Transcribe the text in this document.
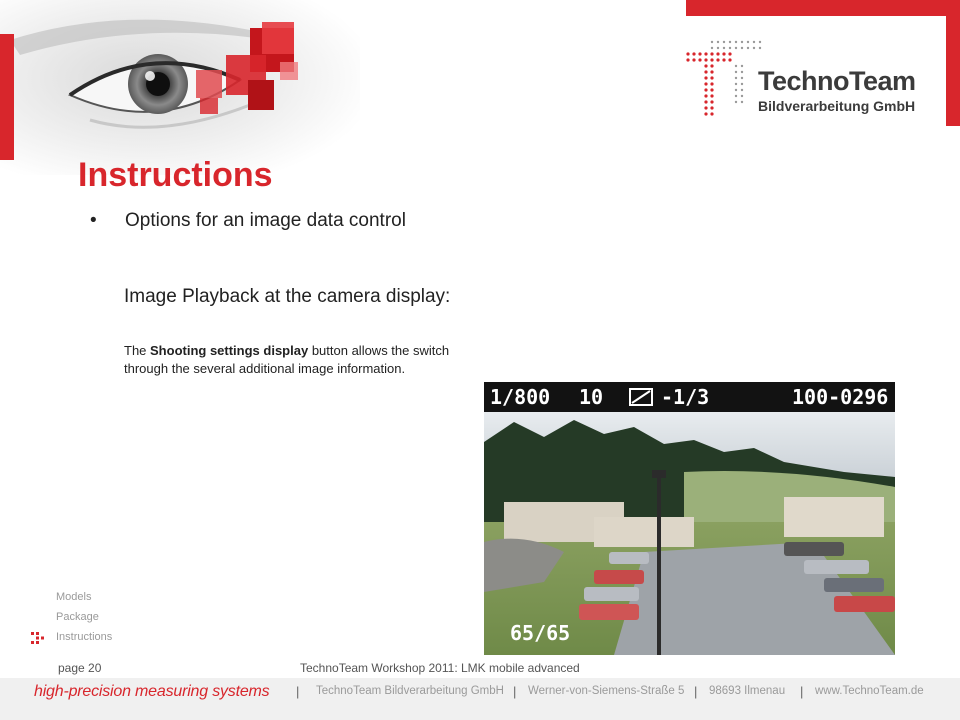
TechnoTeam
Bildverarbeitung GmbH
Instructions
• Options for an image data control
Image Playback at the camera display:
The Shooting settings display button allows the switch through the several additional image information.
1/800 10	-1/3	100-0296
65/65
Models
Package
Instructions
page 20	TechnoTeam Workshop 2011: LMK mobile advanced
high-precision measuring systems | TechnoTeam Bildverarbeitung GmbH | Werner-von-Siemens-Straße 5 | 98693 Ilmenau | www.TechnoTeam.de
